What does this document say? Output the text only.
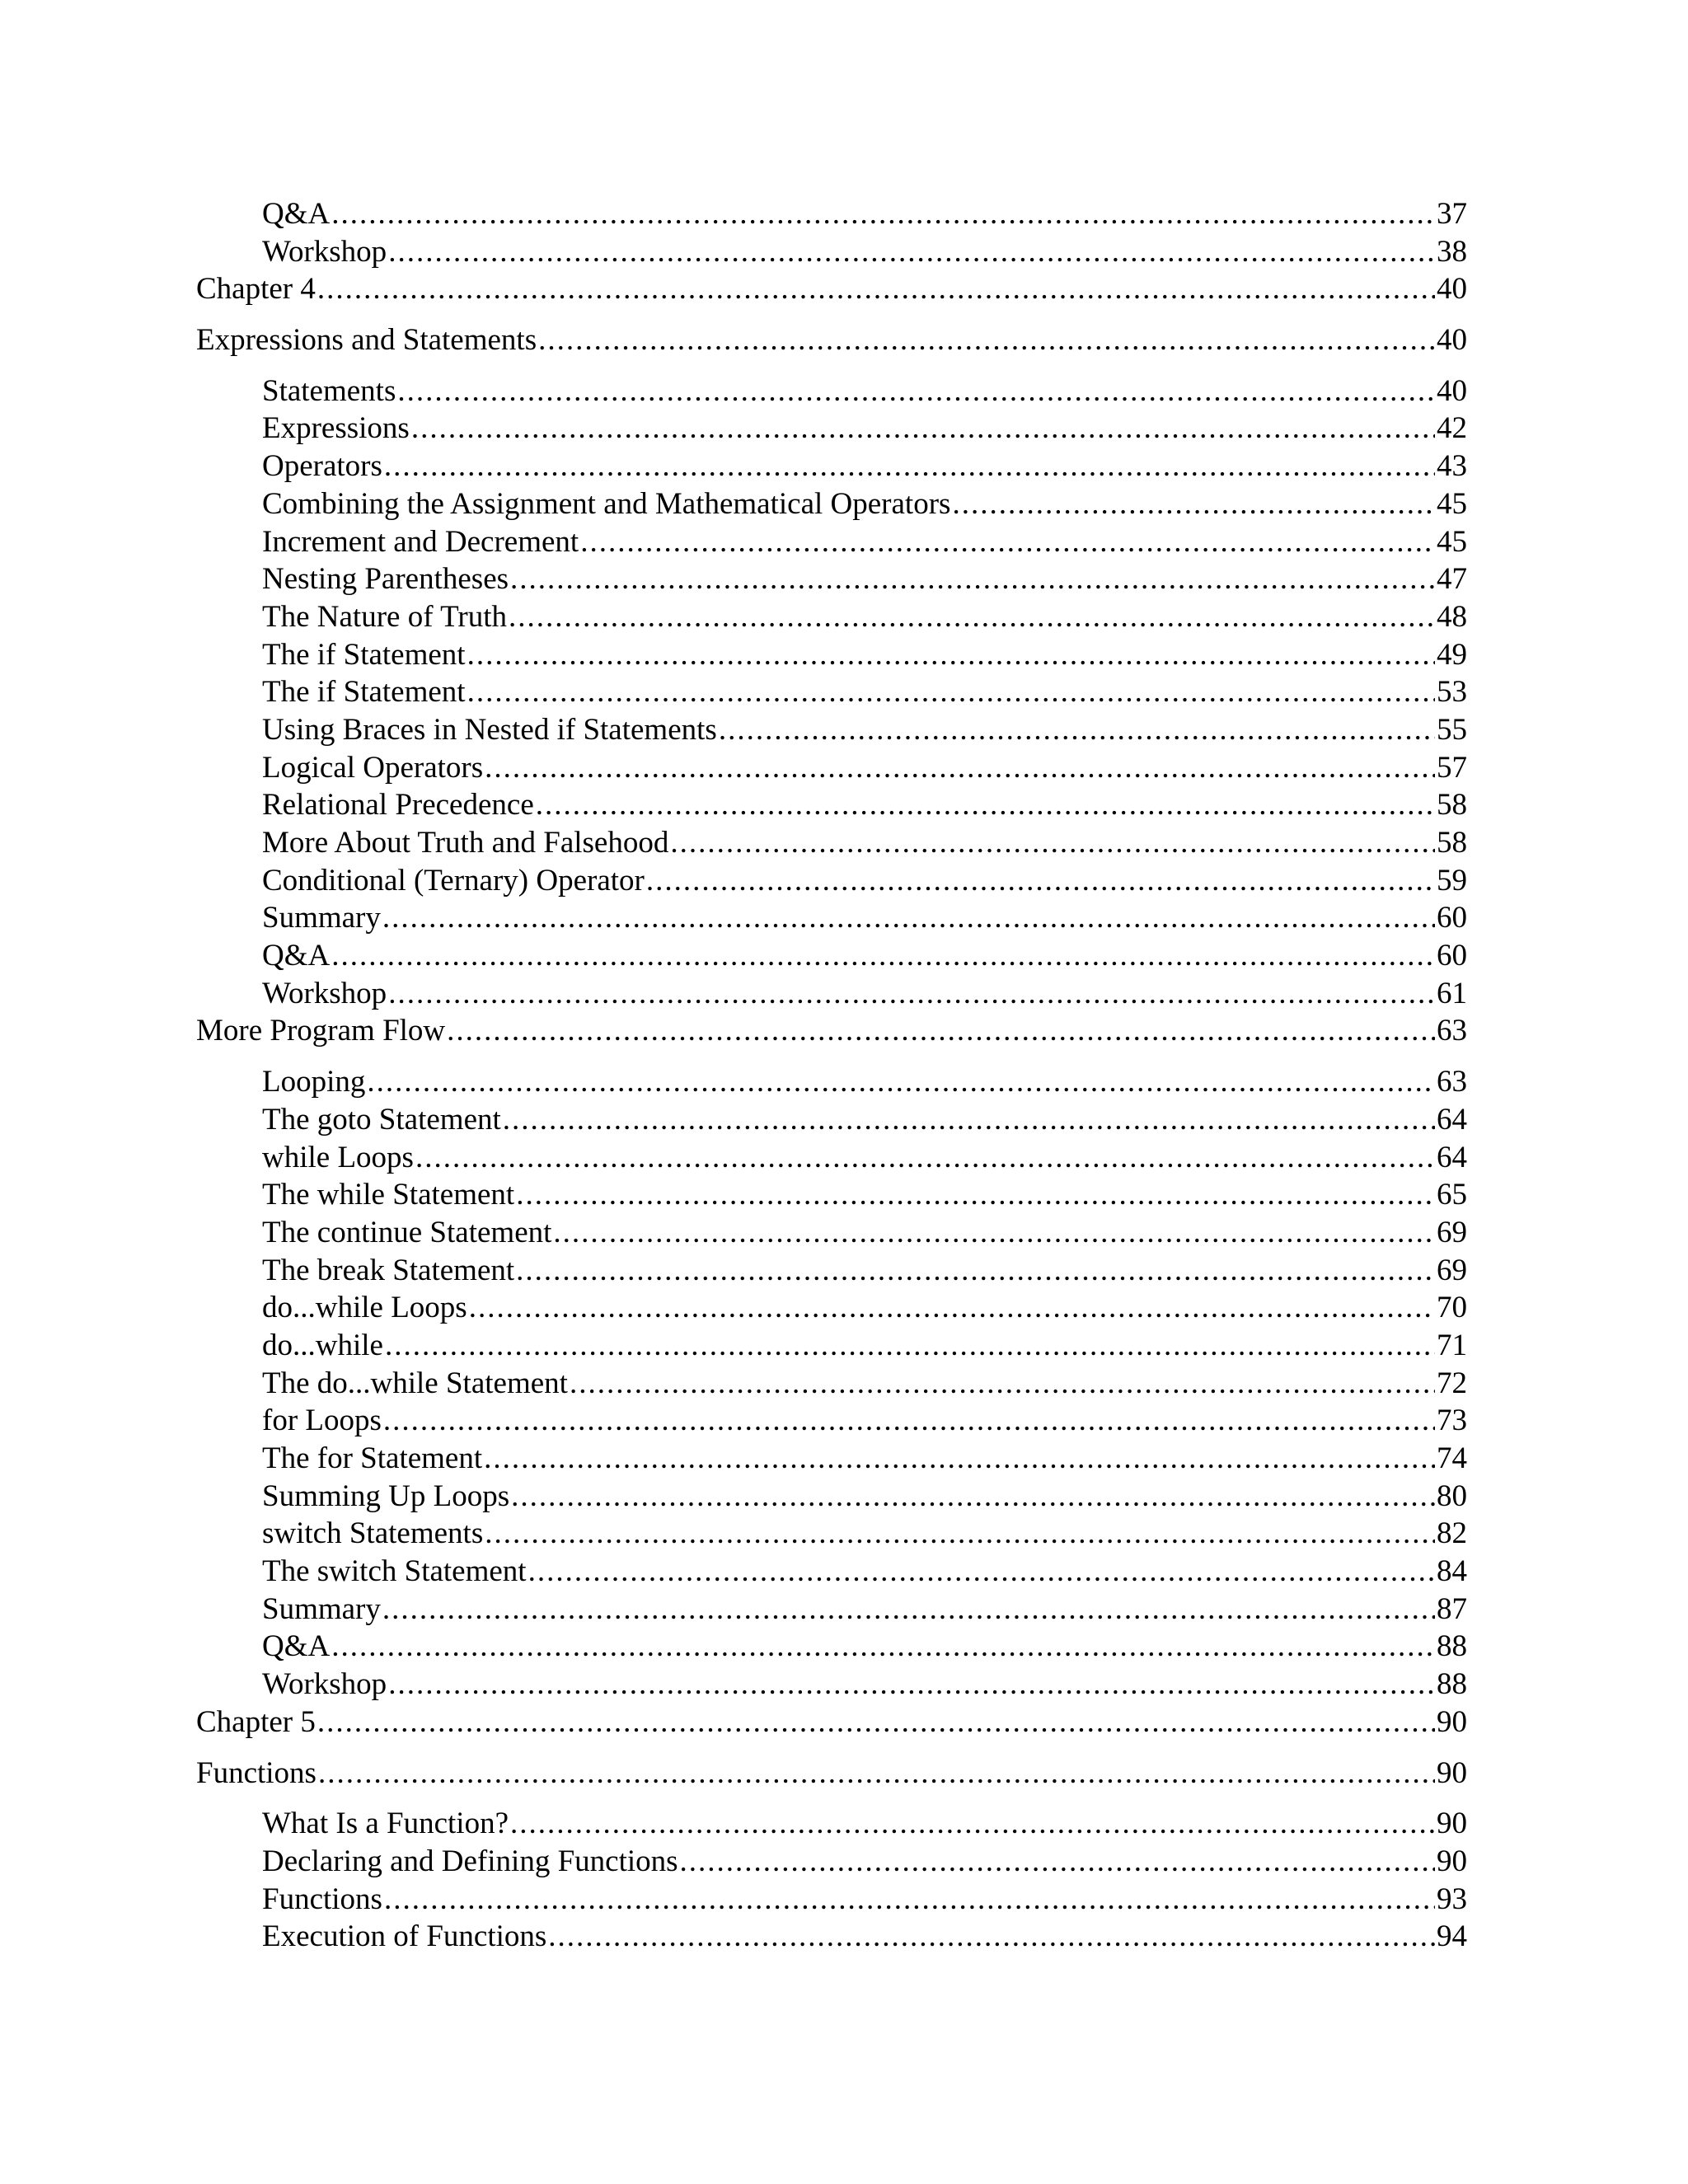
Q&A .....	37
Workshop .....	38
Chapter 4 .....	40
Expressions and Statements .....	40
Statements .....	40
Expressions .....	42
Operators .....	43
Combining the Assignment and Mathematical Operators .....	45
Increment and Decrement .....	45
Nesting Parentheses .....	47
The Nature of Truth .....	48
The if Statement .....	49
The if Statement .....	53
Using Braces in Nested if Statements .....	55
Logical Operators .....	57
Relational Precedence .....	58
More About Truth and Falsehood .....	58
Conditional (Ternary) Operator .....	59
Summary .....	60
Q&A .....	60
Workshop .....	61
More Program Flow .....	63
Looping .....	63
The goto Statement .....	64
while Loops .....	64
The while Statement .....	65
The continue Statement .....	69
The break Statement .....	69
do...while Loops .....	70
do...while .....	71
The do...while Statement .....	72
for Loops .....	73
The for Statement .....	74
Summing Up Loops .....	80
switch Statements .....	82
The switch Statement .....	84
Summary .....	87
Q&A .....	88
Workshop .....	88
Chapter 5 .....	90
Functions .....	90
What Is a Function? .....	90
Declaring and Defining Functions .....	90
Functions .....	93
Execution of Functions .....	94
